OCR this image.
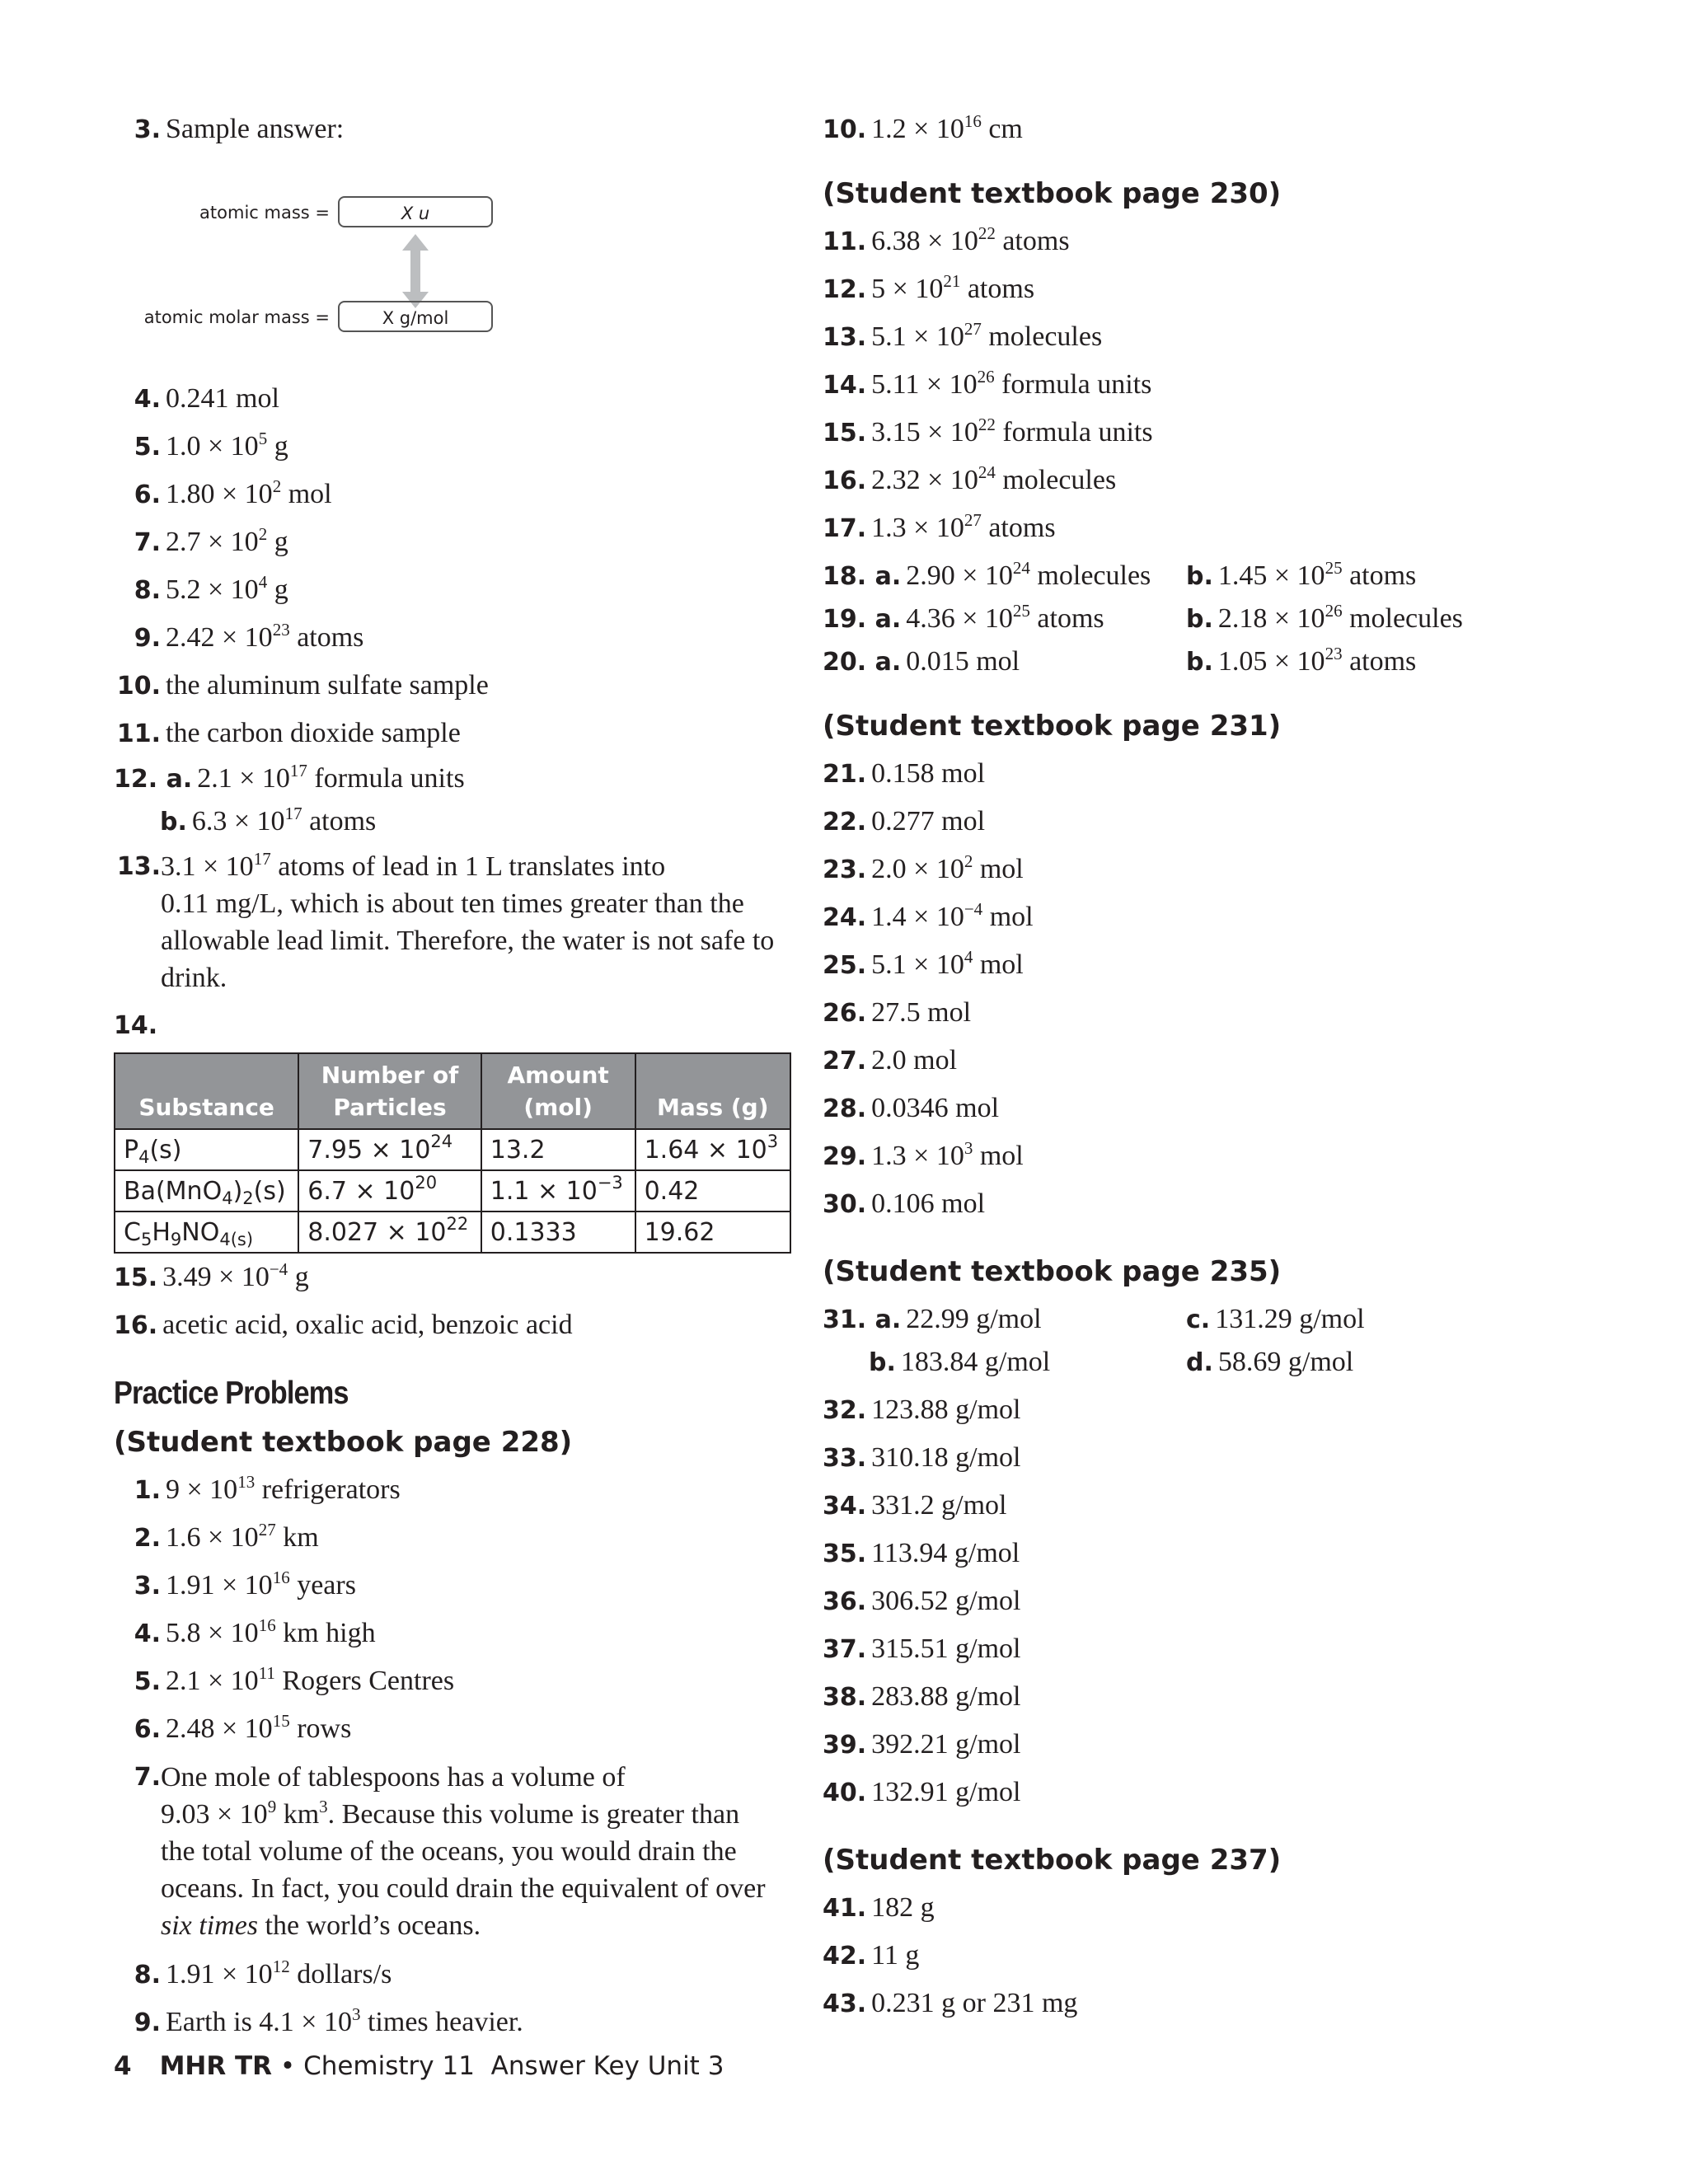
3. Sample answer:
atomic mass =	X u
atomic molar mass =	X g/mol
4. 0.241 mol
5. $1.0 \times 10^5$ g
6. $1.80 \times 10^2$ mol
7. $2.7 \times 10^2$ g
8. $5.2 \times 10^4$ g
9. $2.42 \times 10^{23}$ atoms
10. the aluminum sulfate sample
11. the carbon dioxide sample
12. a. $2.1 \times 10^{17}$ formula units
b. $6.3 \times 10^{17}$ atoms
13. $3.1 \times 10^{17}$ atoms of lead in 1 L translates into
0.11 mg/L, which is about ten times greater than the
allowable lead limit. Therefore, the water is not safe to
drink.
14.
Substance	Number of Particles	Amount (mol)	Mass (g)
$P_4(s)$	$7.95 \times 10^{24}$	13.2	$1.64 \times 10^3$
$Ba(MnO_4)_2(s)$	$6.7 \times 10^{20}$	$1.1 \times 10^{-3}$	0.42
$C_5H_9NO_{4(s)}$	$8.027 \times 10^{22}$	0.1333	19.62
15. $3.49 \times 10^{-4}$ g
16. acetic acid, oxalic acid, benzoic acid
Practice Problems
(Student textbook page 228)
1. $9 \times 10^{13}$ refrigerators
2. $1.6 \times 10^{27}$ km
3. $1.91 \times 10^{16}$ years
4. $5.8 \times 10^{16}$ km high
5. $2.1 \times 10^{11}$ Rogers Centres
6. $2.48 \times 10^{15}$ rows
7. One mole of tablespoons has a volume of
$9.03 \times 10^9$ $km^3$. Because this volume is greater than
the total volume of the oceans, you would drain the
oceans. In fact, you could drain the equivalent of over
six times the world’s oceans.
8. $1.91 \times 10^{12}$ dollars/s
9. Earth is $4.1 \times 10^3$ times heavier.
10. $1.2 \times 10^{16}$ cm
(Student textbook page 230)
11. $6.38 \times 10^{22}$ atoms
12. $5 \times 10^{21}$ atoms
13. $5.1 \times 10^{27}$ molecules
14. $5.11 \times 10^{26}$ formula units
15. $3.15 \times 10^{22}$ formula units
16. $2.32 \times 10^{24}$ molecules
17. $1.3 \times 10^{27}$ atoms
18. a. $2.90 \times 10^{24}$ molecules	b. $1.45 \times 10^{25}$ atoms
19. a. $4.36 \times 10^{25}$ atoms	b. $2.18 \times 10^{26}$ molecules
20. a. 0.015 mol	b. $1.05 \times 10^{23}$ atoms
(Student textbook page 231)
21. 0.158 mol
22. 0.277 mol
23. $2.0 \times 10^2$ mol
24. $1.4 \times 10^{-4}$ mol
25. $5.1 \times 10^4$ mol
26. 27.5 mol
27. 2.0 mol
28. 0.0346 mol
29. $1.3 \times 10^3$ mol
30. 0.106 mol
(Student textbook page 235)
31. a. 22.99 g/mol	c. 131.29 g/mol
b. 183.84 g/mol	d. 58.69 g/mol
32. 123.88 g/mol
33. 310.18 g/mol
34. 331.2 g/mol
35. 113.94 g/mol
36. 306.52 g/mol
37. 315.51 g/mol
38. 283.88 g/mol
39. 392.21 g/mol
40. 132.91 g/mol
(Student textbook page 237)
41. 182 g
42. 11 g
43. 0.231 g or 231 mg
4 MHR TR • Chemistry 11  Answer Key Unit 3
